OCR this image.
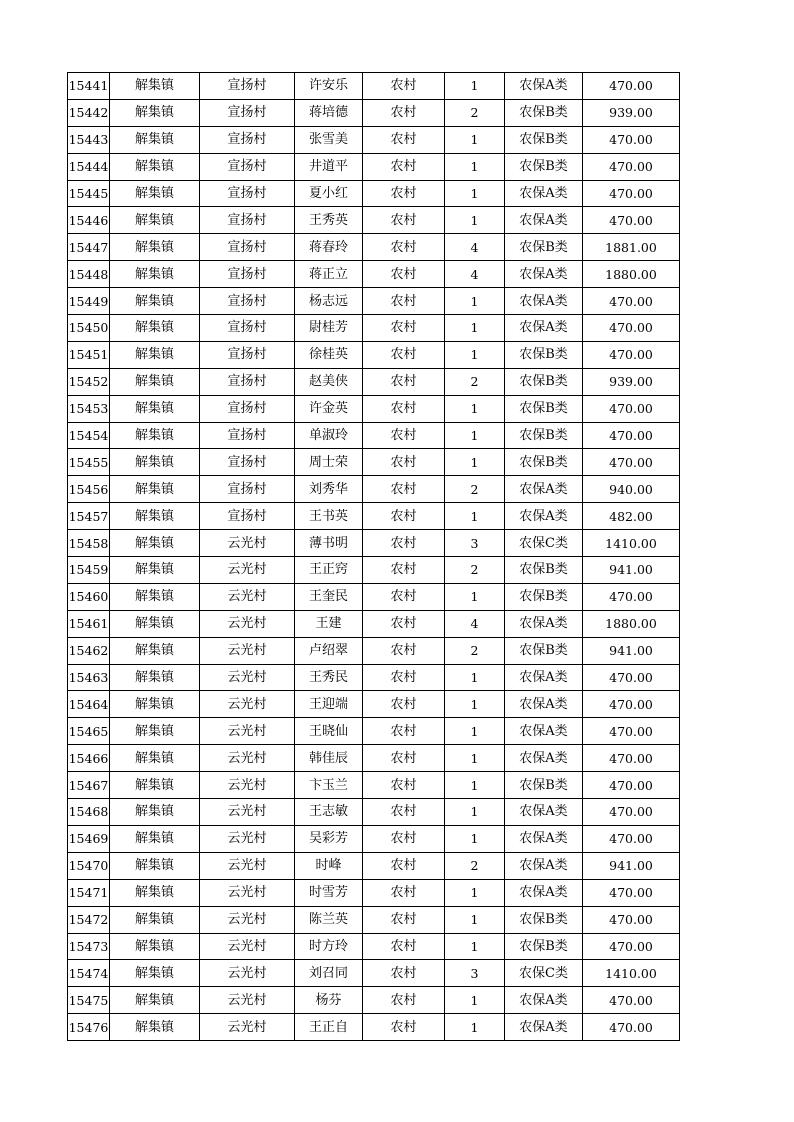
15441	解集镇	宣扬村	许安乐	农村	1	农保A类	470.00
15442	解集镇	宣扬村	蒋培德	农村	2	农保B类	939.00
15443	解集镇	宣扬村	张雪美	农村	1	农保B类	470.00
15444	解集镇	宣扬村	井道平	农村	1	农保B类	470.00
15445	解集镇	宣扬村	夏小红	农村	1	农保A类	470.00
15446	解集镇	宣扬村	王秀英	农村	1	农保A类	470.00
15447	解集镇	宣扬村	蒋春玲	农村	4	农保B类	1881.00
15448	解集镇	宣扬村	蒋正立	农村	4	农保A类	1880.00
15449	解集镇	宣扬村	杨志远	农村	1	农保A类	470.00
15450	解集镇	宣扬村	尉桂芳	农村	1	农保A类	470.00
15451	解集镇	宣扬村	徐桂英	农村	1	农保B类	470.00
15452	解集镇	宣扬村	赵美侠	农村	2	农保B类	939.00
15453	解集镇	宣扬村	许金英	农村	1	农保B类	470.00
15454	解集镇	宣扬村	单淑玲	农村	1	农保B类	470.00
15455	解集镇	宣扬村	周士荣	农村	1	农保B类	470.00
15456	解集镇	宣扬村	刘秀华	农村	2	农保A类	940.00
15457	解集镇	宣扬村	王书英	农村	1	农保A类	482.00
15458	解集镇	云光村	薄书明	农村	3	农保C类	1410.00
15459	解集镇	云光村	王正窍	农村	2	农保B类	941.00
15460	解集镇	云光村	王奎民	农村	1	农保B类	470.00
15461	解集镇	云光村	王建	农村	4	农保A类	1880.00
15462	解集镇	云光村	卢绍翠	农村	2	农保B类	941.00
15463	解集镇	云光村	王秀民	农村	1	农保A类	470.00
15464	解集镇	云光村	王迎端	农村	1	农保A类	470.00
15465	解集镇	云光村	王晓仙	农村	1	农保A类	470.00
15466	解集镇	云光村	韩佳辰	农村	1	农保A类	470.00
15467	解集镇	云光村	卞玉兰	农村	1	农保B类	470.00
15468	解集镇	云光村	王志敏	农村	1	农保A类	470.00
15469	解集镇	云光村	吴彩芳	农村	1	农保A类	470.00
15470	解集镇	云光村	时峰	农村	2	农保A类	941.00
15471	解集镇	云光村	时雪芳	农村	1	农保A类	470.00
15472	解集镇	云光村	陈兰英	农村	1	农保B类	470.00
15473	解集镇	云光村	时方玲	农村	1	农保B类	470.00
15474	解集镇	云光村	刘召同	农村	3	农保C类	1410.00
15475	解集镇	云光村	杨芬	农村	1	农保A类	470.00
15476	解集镇	云光村	王正自	农村	1	农保A类	470.00
